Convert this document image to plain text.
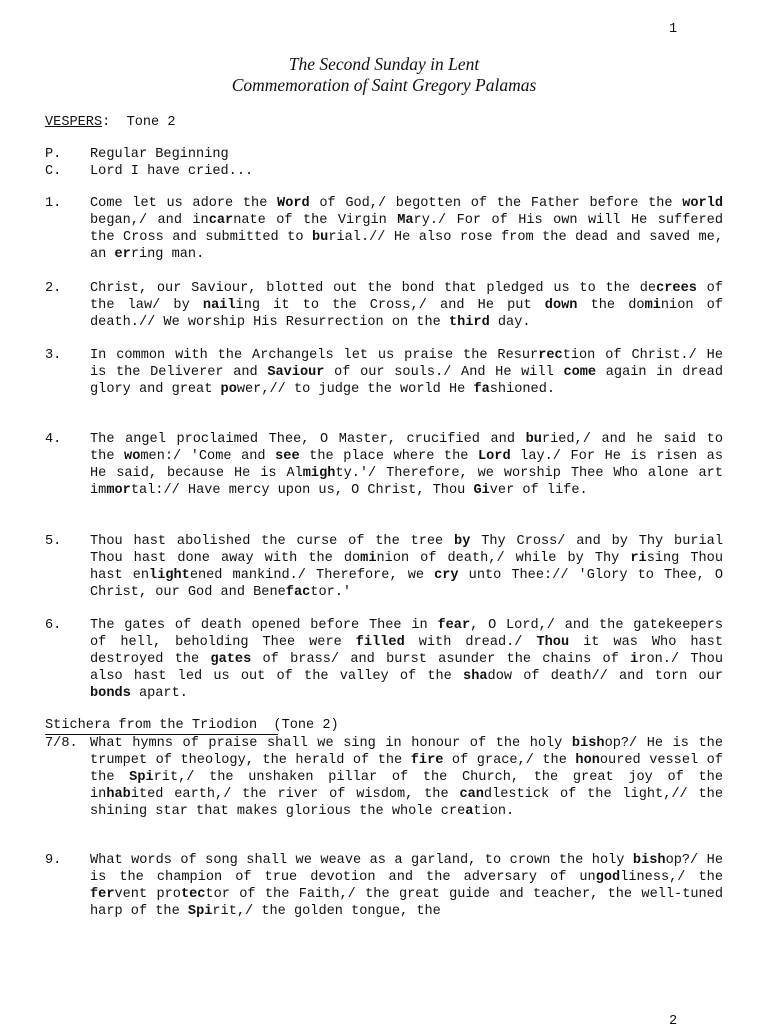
1
The Second Sunday in Lent
Commemoration of Saint Gregory Palamas
VESPERS:  Tone 2
P.	Regular Beginning
C.	Lord I have cried...
1.	Come let us adore the Word of God,/ begotten of the Father before the world began,/ and incarnate of the Virgin Mary./ For of His own will He suffered the Cross and submitted to burial.// He also rose from the dead and saved me, an erring man.
2.	Christ, our Saviour, blotted out the bond that pledged us to the decrees of the law/ by nailing it to the Cross,/ and He put down the dominion of death.// We worship His Resurrection on the third day.
3.	In common with the Archangels let us praise the Resurrection of Christ./ He is the Deliverer and Saviour of our souls./ And He will come again in dread glory and great power,// to judge the world He fashioned.
4.	The angel proclaimed Thee, O Master, crucified and buried,/ and he said to the women:/ 'Come and see the place where the Lord lay./ For He is risen as He said, because He is Almighty.'/ Therefore, we worship Thee Who alone art immortal:// Have mercy upon us, O Christ, Thou Giver of life.
5.	Thou hast abolished the curse of the tree by Thy Cross/ and by Thy burial Thou hast done away with the dominion of death,/ while by Thy rising Thou hast enlightened mankind./ Therefore, we cry unto Thee:// 'Glory to Thee, O Christ, our God and Benefactor.'
6.	The gates of death opened before Thee in fear, O Lord,/ and the gatekeepers of hell, beholding Thee were filled with dread./ Thou it was Who hast destroyed the gates of brass/ and burst asunder the chains of iron./ Thou also hast led us out of the valley of the shadow of death// and torn our bonds apart.
Stichera from the Triodion  (Tone 2)
7/8. What hymns of praise shall we sing in honour of the holy bishop?/ He is the trumpet of theology, the herald of the fire of grace,/ the honoured vessel of the Spirit,/ the unshaken pillar of the Church, the great joy of the inhabited earth,/ the river of wisdom, the candlestick of the light,// the shining star that makes glorious the whole creation.
9.	What words of song shall we weave as a garland, to crown the holy bishop?/ He is the champion of true devotion and the adversary of ungodliness,/ the fervent protector of the Faith,/ the great guide and teacher, the well-tuned harp of the Spirit,/ the golden tongue, the
2
